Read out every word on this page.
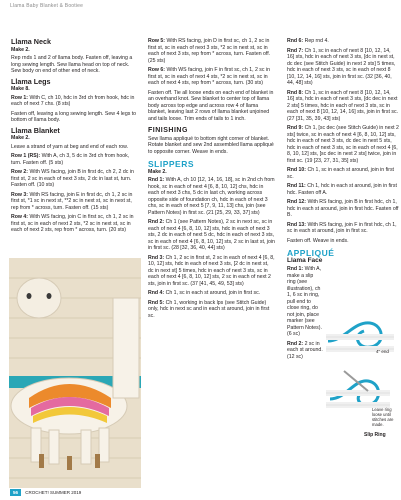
Llama Baby Blanket & Bootiee
Llama Neck
Make 2.

Rep rnds 1 and 2 of llama body. Fasten off, leaving a long sewing length. Sew llama head on top of neck. Sew body on end of other end of neck.

Llama Legs
Make 8.

Row 1: With C, ch 10, hdc in 3rd ch from hook, hdc in each of next 7 chs. (8 sts)

Fasten off, leaving a long sewing length. Sew 4 legs to bottom of llama body.

Llama Blanket
Make 2.

Leave a strand of yarn at beg and end of each row.

Row 1 (RS): With A, ch 3, 5 dc in 3rd ch from hook, turn. Fasten off. (5 sts)

Row 2: With WS facing, join B in first dc, ch 2, 2 dc in first st, 2 sc in each of next 3 sts, 2 dc in last st, turn. Fasten off. (10 sts)

Row 3: With RS facing, join E in first dc, ch 1, 2 sc in first st, *1 sc in next st, **2 sc in next st, sc in next st, rep from * across, turn. Fasten off. (15 sts)

Row 4: With WS facing, join C in first sc, ch 1, 2 sc in first st, sc in each of next 2 sts, *2 sc in next st, sc in each of next 2 sts, rep from * across, turn. (20 sts)

Row 5: With RS facing, join D in first sc, ch 1, 2 sc in first st, sc in each of next 3 sts, *2 sc in next st, sc in each of next 3 sts, rep from * across, turn. Fasten off. (25 sts)

Row 6: With WS facing, join F in first sc, ch 1, 2 sc in first st, sc in each of next 4 sts, *2 sc in next st, sc in each of next 4 sts, rep from * across, turn. (30 sts)

Fasten off. Tie all loose ends on each end of blanket in an overhand knot. Sew blanket to center top of llama body across top edge and across row 4 of llama blanket, leaving last 2 rows of llama blanket unjoined and tails loose. Trim ends of tails to 1 inch.

FINISHING

Sew llama appliqué to bottom right corner of blanket. Rotate blanket and sew 2nd assembled llama appliqué to opposite corner. Weave in ends.

SLIPPERS
Make 2.

Rnd 1: With A, ch 10 [12, 14, 16, 18], sc in 2nd ch from hook, sc in each of next 4 [6, 8, 10, 12] chs, hdc in each of next 3 chs, 5 dc in last ch, working across opposite side of foundation ch, hdc in each of next 3 chs, sc in each of next 5 [7, 9, 11, 13] chs, join (see Pattern Notes) in first sc. (21 [25, 29, 33, 37] sts)

Rnd 2: Ch 1 (see Pattern Notes), 2 sc in next sc, sc in each of next 4 [6, 8, 10, 12] sts, hdc in each of next 3 sts, 2 dc in each of next 5 dc, hdc in each of next 3 sts, sc in each of next 4 [6, 8, 10, 12] sts, 2 sc in last st, join in first sc. (28 [32, 36, 40, 44] sts)

Rnd 3: Ch 1, 2 sc in first st, 2 sc in each of next 4 [6, 8, 10, 12] sts, hdc in each of next 3 sts, [2 dc in next st, dc in next st] 5 times, hdc in each of next 3 sts, sc in each of next 4 [6, 8, 10, 12] sts, 2 sc in each of next 2 sts, join in first sc. (37 [41, 45, 49, 53] sts)

Rnd 4: Ch 1, sc in each st around, join in first sc.

Rnd 5: Ch 1, working in back lps (see Stitch Guide) only, hdc in next sc and in each st around, join in first sc.

Rnd 6: Rep rnd 4.

Rnd 7: Ch 1, sc in each of next 8 [10, 12, 14, 16] sts, hdc in each of next 3 sts, [dc in next st, dc dec (see Stitch Guide) in next 2 sts] 5 times, hdc in each of next 3 sts, sc in each of next 8 [10, 12, 14, 16] sts, join in first sc. (32 [36, 40, 44, 48] sts)

Rnd 8: Ch 1, sc in each of next 8 [10, 12, 14, 16] sts, hdc in each of next 3 sts, [dc dec in next 2 sts] 5 times, hdc in each of next 3 sts, sc in each of next 8 [10, 12, 14, 16] sts, join in first sc. (27 [31, 35, 39, 43] sts)

Rnd 9: Ch 1, [sc dec (see Stitch Guide) in next 2 sts] twice, sc in each of next 4 [6, 8, 10, 12] sts, hdc in each of next 3 sts, dc dec in next 5 sts, hdc in each of next 3 sts, sc in each of next 4 [6, 8, 10, 12] sts, [sc dec in next 2 sts] twice, join in first sc. (19 [23, 27, 31, 35] sts)

Rnd 10: Ch 1, sc in each st around, join in first sc.

Rnd 11: Ch 1, hdc in each st around, join in first hdc. Fasten off A.

Rnd 12: With RS facing, join B in first hdc, ch 1, hdc in each st around, join in first hdc. Fasten off B.

Rnd 13: With RS facing, join F in first hdc, ch 1, sc in each st around, join in first sc.

Fasten off. Weave in ends.

APPLIQUÉ
Llama Face

Rnd 1: With A, make a slip ring (see illustration), ch 1, 6 sc in ring, pull end to close ring, do not join, place marker (see Pattern Notes). (6 sc)

Rnd 2: 2 sc in each st around. (12 sc)

4" end
Leave ring loose until stitches are made.
Slip Ring
56 CROCHET! SUMMER 2019
